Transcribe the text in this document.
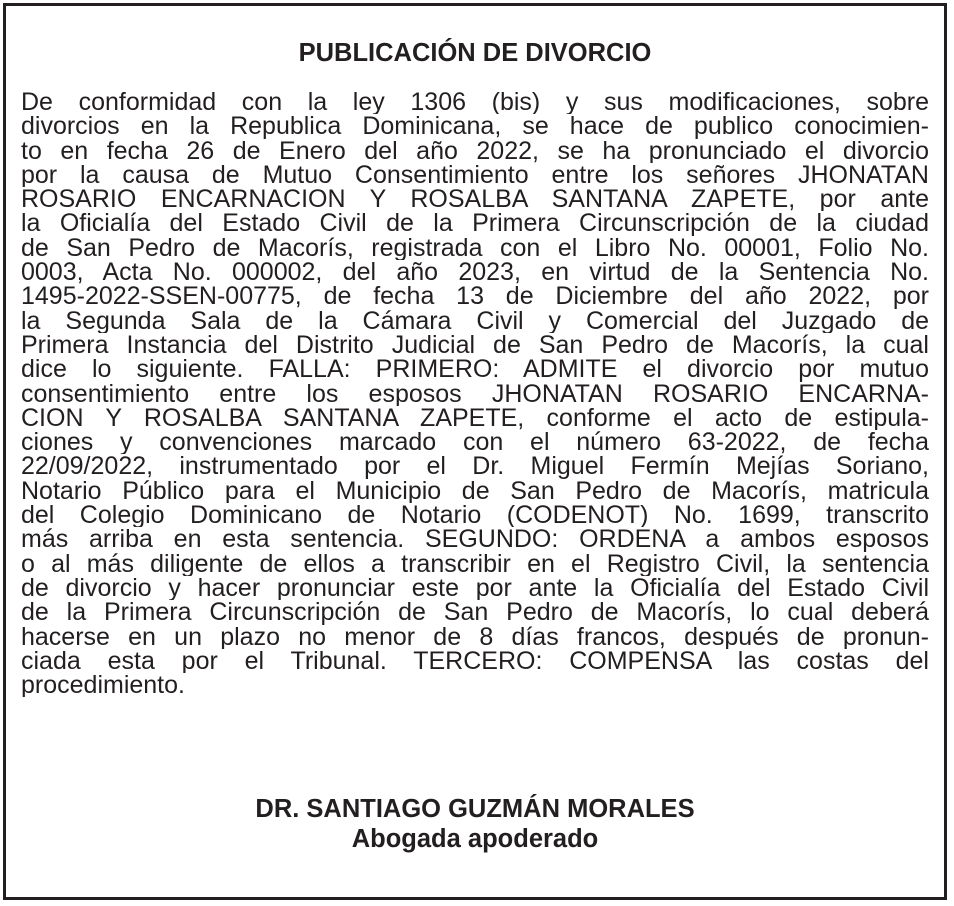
PUBLICACIÓN DE DIVORCIO

De conformidad con la ley 1306 (bis) y sus modificaciones, sobre
divorcios en la Republica Dominicana, se hace de publico conocimien-
to en fecha 26 de Enero del año 2022, se ha pronunciado el divorcio
por la causa de Mutuo Consentimiento entre los señores JHONATAN
ROSARIO ENCARNACION Y ROSALBA SANTANA ZAPETE, por ante
la Oficialía del Estado Civil de la Primera Circunscripción de la ciudad
de San Pedro de Macorís, registrada con el Libro No. 00001, Folio No.
0003, Acta No. 000002, del año 2023, en virtud de la Sentencia No.
1495-2022-SSEN-00775, de fecha 13 de Diciembre del año 2022, por
la Segunda Sala de la Cámara Civil y Comercial del Juzgado de
Primera Instancia del Distrito Judicial de San Pedro de Macorís, la cual
dice lo siguiente. FALLA: PRIMERO: ADMITE el divorcio por mutuo
consentimiento entre los esposos JHONATAN ROSARIO ENCARNA-
CION Y ROSALBA SANTANA ZAPETE, conforme el acto de estipula-
ciones y convenciones marcado con el número 63-2022, de fecha
22/09/2022, instrumentado por el Dr. Miguel Fermín Mejías Soriano,
Notario Público para el Municipio de San Pedro de Macorís, matricula
del Colegio Dominicano de Notario (CODENOT) No. 1699, transcrito
más arriba en esta sentencia. SEGUNDO: ORDENA a ambos esposos
o al más diligente de ellos a transcribir en el Registro Civil, la sentencia
de divorcio y hacer pronunciar este por ante la Oficialía del Estado Civil
de la Primera Circunscripción de San Pedro de Macorís, lo cual deberá
hacerse en un plazo no menor de 8 días francos, después de pronun-
ciada esta por el Tribunal. TERCERO: COMPENSA las costas del
procedimiento.

DR. SANTIAGO GUZMÁN MORALES
Abogada apoderado
